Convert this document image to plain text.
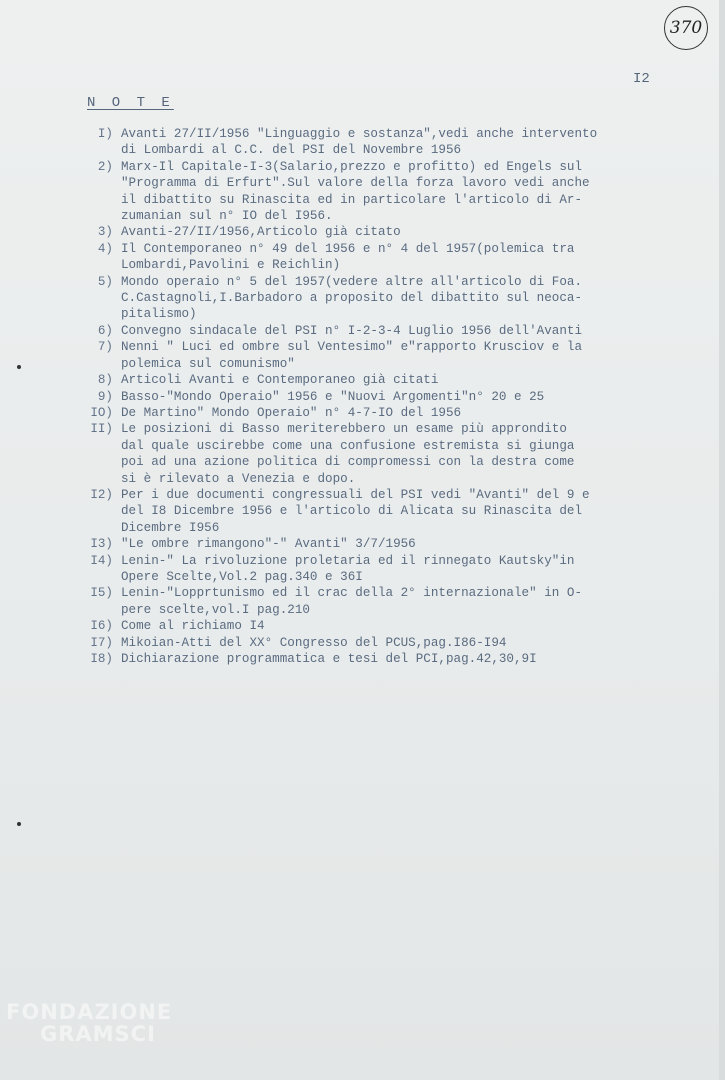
370
I2
N O T E
I) Avanti 27/II/1956 "Linguaggio e sostanza",vedi anche intervento
di Lombardi al C.C. del PSI del Novembre 1956
2) Marx-Il Capitale-I-3(Salario,prezzo e profitto) ed Engels sul
"Programma di Erfurt".Sul valore della forza lavoro vedi anche
il dibattito su Rinascita ed in particolare l'articolo di Ar-
zumanian sul n° IO del I956.
3) Avanti-27/II/1956,Articolo già citato
4) Il Contemporaneo n° 49 del 1956 e n° 4 del 1957(polemica tra
Lombardi,Pavolini e Reichlin)
5) Mondo operaio n° 5 del 1957(vedere altre all'articolo di Foa.
C.Castagnoli,I.Barbadoro a proposito del dibattito sul neoca-
pitalismo)
6) Convegno sindacale del PSI n° I-2-3-4 Luglio 1956 dell'Avanti
7) Nenni " Luci ed ombre sul Ventesimo" e"rapporto Krusciov e la
polemica sul comunismo"
8) Articoli Avanti e Contemporaneo già citati
9) Basso-"Mondo Operaio" 1956 e "Nuovi Argomenti"n° 20 e 25
IO) De Martino" Mondo Operaio" n° 4-7-IO del 1956
II) Le posizioni di Basso meriterebbero un esame più approndito
dal quale uscirebbe come una confusione estremista si giunga
poi ad una azione politica di compromessi con la destra come
si è rilevato a Venezia e dopo.
I2) Per i due documenti congressuali del PSI vedi "Avanti" del 9 e
del I8 Dicembre 1956 e l'articolo di Alicata su Rinascita del
Dicembre I956
I3) "Le ombre rimangono"-" Avanti" 3/7/1956
I4) Lenin-" La rivoluzione proletaria ed il rinnegato Kautsky"in
Opere Scelte,Vol.2 pag.340 e 36I
I5) Lenin-"Lopprtunismo ed il crac della 2° internazionale" in O-
pere scelte,vol.I pag.210
I6) Come al richiamo I4
I7) Mikoian-Atti del XX° Congresso del PCUS,pag.I86-I94
I8) Dichiarazione programmatica e tesi del PCI,pag.42,30,9I
FONDAZIONE
GRAMSCI
